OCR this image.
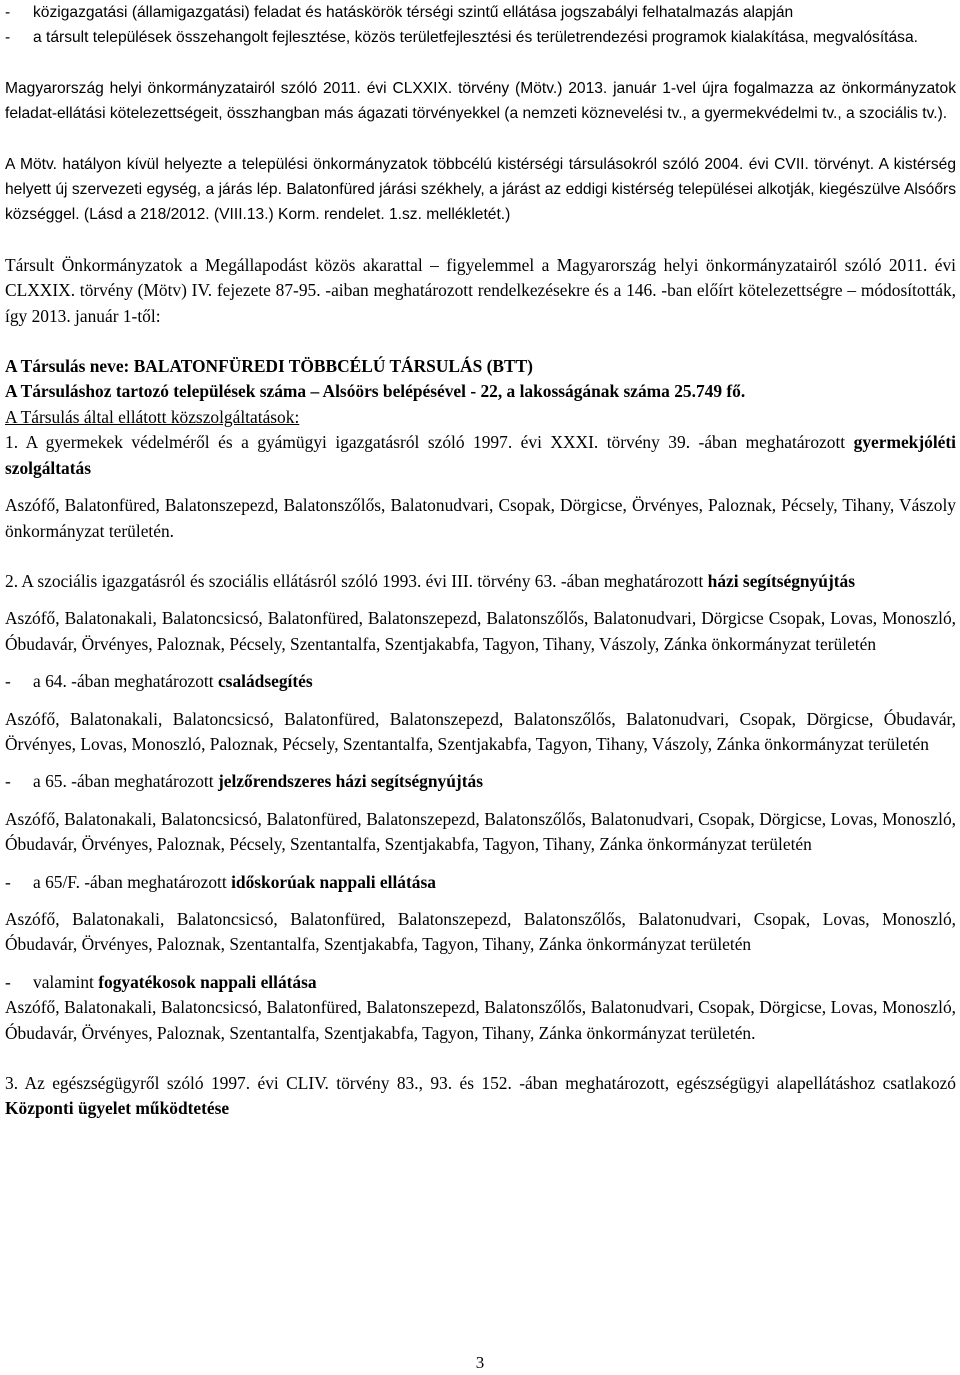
-	közigazgatási (államigazgatási) feladat és hatáskörök térségi szintű ellátása jogszabályi felhatalmazás alapján
-	a társult települések összehangolt fejlesztése, közös területfejlesztési és területrendezési programok kialakítása, megvalósítása.

Magyarország helyi önkormányzatairól szóló 2011. évi CLXXIX. törvény (Mötv.) 2013. január 1-vel újra fogalmazza az önkormányzatok feladat-ellátási kötelezettségeit, összhangban más ágazati törvényekkel (a nemzeti köznevelési tv., a gyermekvédelmi tv., a szociális tv.).

A Mötv. hatályon kívül helyezte a települési önkormányzatok többcélú kistérségi társulásokról szóló 2004. évi CVII. törvényt. A kistérség helyett új szervezeti egység, a járás lép. Balatonfüred járási székhely, a járást az eddigi kistérség települései alkotják, kiegészülve Alsóőrs községgel. (Lásd a 218/2012. (VIII.13.) Korm. rendelet. 1.sz. mellékletét.)

Társult Önkormányzatok a Megállapodást közös akarattal – figyelemmel a Magyarország helyi önkormányzatairól szóló 2011. évi CLXXIX. törvény (Mötv) IV. fejezete 87-95. -aiban meghatározott rendelkezésekre és a 146. -ban előírt kötelezettségre – módosították, így 2013. január 1-től:

A Társulás neve: BALATONFÜREDI TÖBBCÉLÚ TÁRSULÁS (BTT)

A Társuláshoz tartozó települések száma – Alsóörs belépésével - 22, a lakosságának száma 25.749 fő.

A Társulás által ellátott közszolgáltatások:

1. A gyermekek védelméről és a gyámügyi igazgatásról szóló 1997. évi XXXI. törvény 39. -ában meghatározott gyermekjóléti szolgáltatás

Aszófő, Balatonfüred, Balatonszepezd, Balatonszőlős, Balatonudvari, Csopak, Dörgicse, Örvényes, Paloznak, Pécsely, Tihany, Vászoly önkormányzat területén.

2. A szociális igazgatásról és szociális ellátásról szóló 1993. évi III. törvény 63. -ában meghatározott házi segítségnyújtás

Aszófő, Balatonakali, Balatoncsicsó, Balatonfüred, Balatonszepezd, Balatonszőlős, Balatonudvari, Dörgicse Csopak, Lovas, Monoszló, Óbudavár, Örvényes, Paloznak, Pécsely, Szentantalfa, Szentjakabfa, Tagyon, Tihany, Vászoly, Zánka önkormányzat területén

-	a 64. -ában meghatározott családsegítés

Aszófő, Balatonakali, Balatoncsicsó, Balatonfüred, Balatonszepezd, Balatonszőlős, Balatonudvari, Csopak, Dörgicse, Óbudavár, Örvényes, Lovas, Monoszló, Paloznak, Pécsely, Szentantalfa, Szentjakabfa, Tagyon, Tihany, Vászoly, Zánka önkormányzat területén

-	a 65. -ában meghatározott jelzőrendszeres házi segítségnyújtás

Aszófő, Balatonakali, Balatoncsicsó, Balatonfüred, Balatonszepezd, Balatonszőlős, Balatonudvari, Csopak, Dörgicse, Lovas, Monoszló, Óbudavár, Örvényes, Paloznak, Pécsely, Szentantalfa, Szentjakabfa, Tagyon, Tihany, Zánka önkormányzat területén

-	a 65/F. -ában meghatározott időskorúak nappali ellátása

Aszófő, Balatonakali, Balatoncsicsó, Balatonfüred, Balatonszepezd, Balatonszőlős, Balatonudvari, Csopak, Lovas, Monoszló, Óbudavár, Örvényes, Paloznak, Szentantalfa, Szentjakabfa, Tagyon, Tihany, Zánka önkormányzat területén

-	valamint fogyatékosok nappali ellátása

Aszófő, Balatonakali, Balatoncsicsó, Balatonfüred, Balatonszepezd, Balatonszőlős, Balatonudvari, Csopak, Dörgicse, Lovas, Monoszló, Óbudavár, Örvényes, Paloznak, Szentantalfa, Szentjakabfa, Tagyon, Tihany, Zánka önkormányzat területén.

3. Az egészségügyről szóló 1997. évi CLIV. törvény 83., 93. és 152. -ában meghatározott, egészségügyi alapellátáshoz csatlakozó Központi ügyelet működtetése

3
